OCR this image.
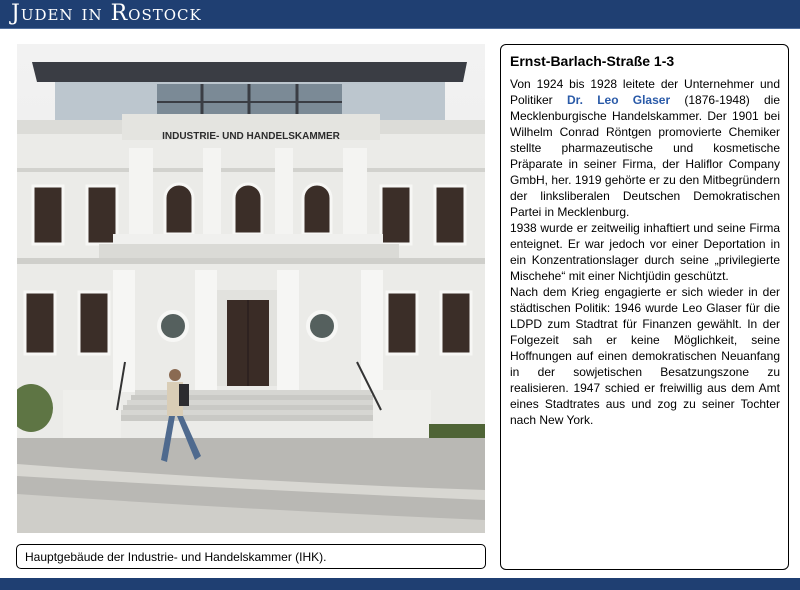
Juden in Rostock
INDUSTRIE- UND HANDELSKAMMER
Hauptgebäude der Industrie- und Handelskammer (IHK).
Ernst-Barlach-Straße 1-3

Von 1924 bis 1928 leitete der Unternehmer und Politiker Dr. Leo Glaser (1876-1948) die Mecklenburgische Handelskammer. Der 1901 bei Wilhelm Conrad Röntgen promovierte Chemiker stellte pharmazeutische und kosmetische Präparate in seiner Firma, der Haliflor Company GmbH, her. 1919 gehörte er zu den Mitbegründern der linksliberalen Deutschen Demokratischen Partei in Mecklenburg.

1938 wurde er zeitweilig inhaftiert und seine Firma enteignet. Er war jedoch vor einer Deportation in ein Konzentrationslager durch seine „privilegierte Mischehe“ mit einer Nichtjüdin geschützt.

Nach dem Krieg engagierte er sich wieder in der städtischen Politik: 1946 wurde Leo Glaser für die LDPD zum Stadtrat für Finanzen gewählt. In der Folgezeit sah er keine Möglichkeit, seine Hoffnungen auf einen demokratischen Neuanfang in der sowjetischen Besatzungszone zu realisieren. 1947 schied er freiwillig aus dem Amt eines Stadtrates aus und zog zu seiner Tochter nach New York.
